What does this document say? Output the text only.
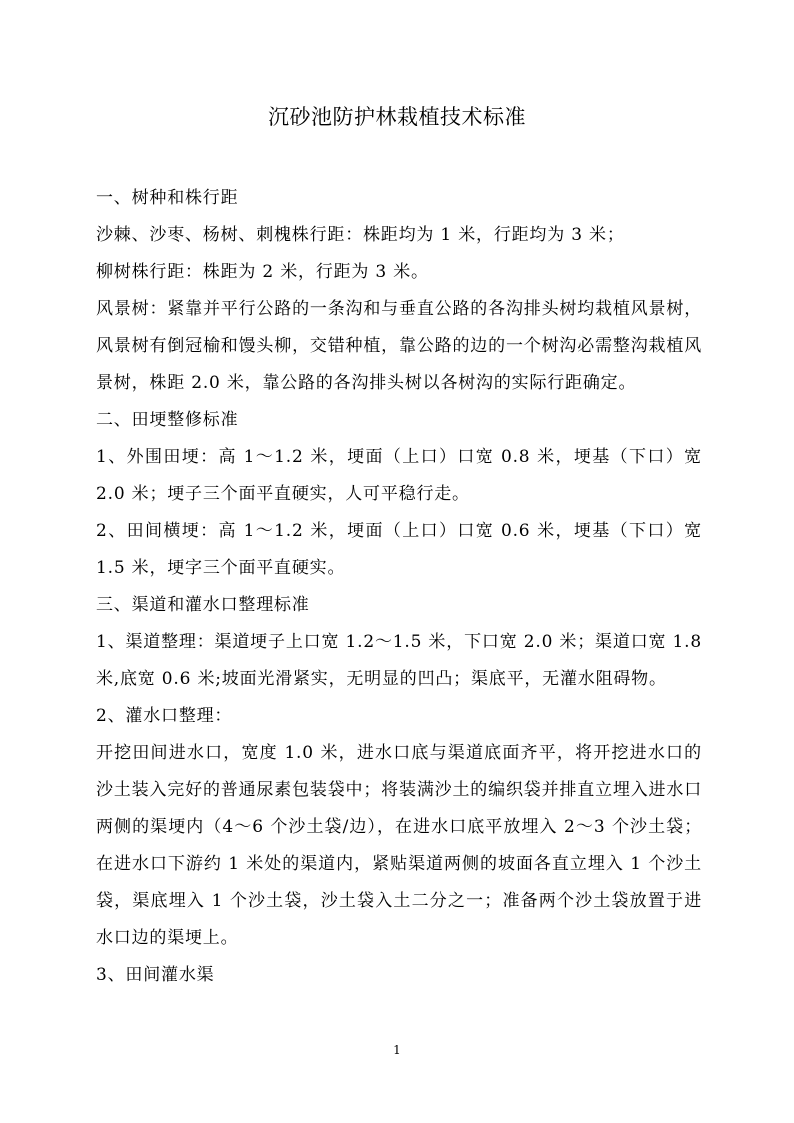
沉砂池防护林栽植技术标准

一、树种和株行距

沙棘、沙枣、杨树、刺槐株行距：株距均为 1 米，行距均为 3 米；

柳树株行距：株距为 2 米，行距为 3 米。

风景树：紧靠并平行公路的一条沟和与垂直公路的各沟排头树均栽植风景树，风景树有倒冠榆和馒头柳，交错种植，靠公路的边的一个树沟必需整沟栽植风景树，株距 2.0 米，靠公路的各沟排头树以各树沟的实际行距确定。

二、田埂整修标准

1、外围田埂：高 1～1.2 米，埂面（上口）口宽 0.8 米，埂基（下口）宽 2.0 米；埂子三个面平直硬实，人可平稳行走。

2、田间横埂：高 1～1.2 米，埂面（上口）口宽 0.6 米，埂基（下口）宽 1.5 米，埂字三个面平直硬实。

三、渠道和灌水口整理标准

1、渠道整理：渠道埂子上口宽 1.2～1.5 米，下口宽 2.0 米；渠道口宽 1.8 米,底宽 0.6 米;坡面光滑紧实，无明显的凹凸；渠底平，无灌水阻碍物。

2、灌水口整理：

开挖田间进水口，宽度 1.0 米，进水口底与渠道底面齐平，将开挖进水口的沙土装入完好的普通尿素包装袋中；将装满沙土的编织袋并排直立埋入进水口两侧的渠埂内（4～6 个沙土袋/边），在进水口底平放埋入 2～3 个沙土袋；在进水口下游约 1 米处的渠道内，紧贴渠道两侧的坡面各直立埋入 1 个沙土袋，渠底埋入 1 个沙土袋，沙土袋入土二分之一；准备两个沙土袋放置于进水口边的渠埂上。

3、田间灌水渠

1
